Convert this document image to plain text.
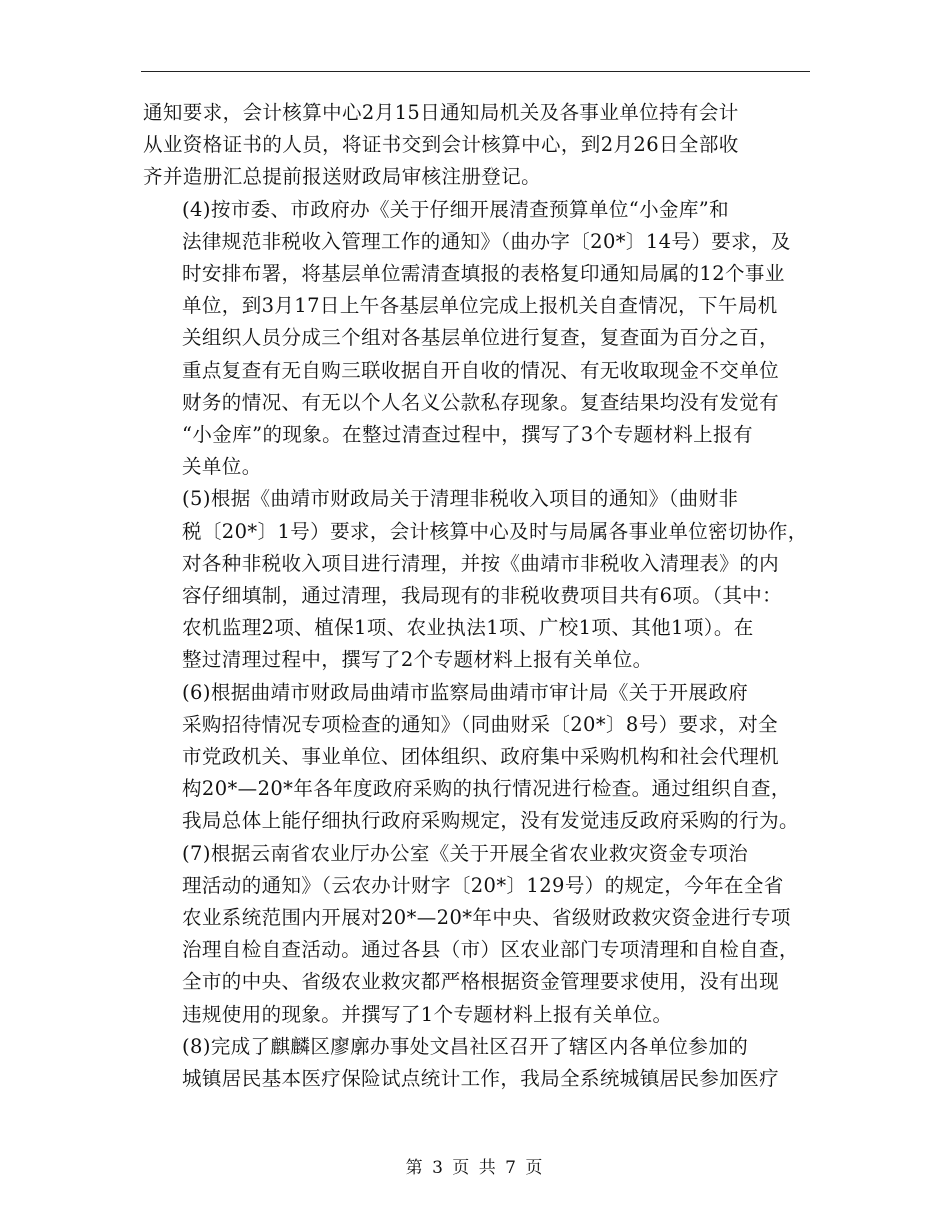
通知要求，会计核算中心2月15日通知局机关及各事业单位持有会计
从业资格证书的人员，将证书交到会计核算中心，到2月26日全部收
齐并造册汇总提前报送财政局审核注册登记。

(4)按市委、市政府办《关于仔细开展清查预算单位“小金库”和
法律规范非税收入管理工作的通知》（曲办字〔20*〕14号）要求，及
时安排布署，将基层单位需清查填报的表格复印通知局属的12个事业
单位，到3月17日上午各基层单位完成上报机关自查情况，下午局机
关组织人员分成三个组对各基层单位进行复查，复查面为百分之百，
重点复查有无自购三联收据自开自收的情况、有无收取现金不交单位
财务的情况、有无以个人名义公款私存现象。复查结果均没有发觉有
“小金库”的现象。在整过清查过程中，撰写了3个专题材料上报有
关单位。

(5)根据《曲靖市财政局关于清理非税收入项目的通知》（曲财非
税〔20*〕1号）要求，会计核算中心及时与局属各事业单位密切协作，
对各种非税收入项目进行清理，并按《曲靖市非税收入清理表》的内
容仔细填制，通过清理，我局现有的非税收费项目共有6项。（其中：
农机监理2项、植保1项、农业执法1项、广校1项、其他1项）。在
整过清理过程中，撰写了2个专题材料上报有关单位。

(6)根据曲靖市财政局曲靖市监察局曲靖市审计局《关于开展政府
采购招待情况专项检查的通知》（同曲财采〔20*〕8号）要求，对全
市党政机关、事业单位、团体组织、政府集中采购机构和社会代理机
构20*—20*年各年度政府采购的执行情况进行检查。通过组织自查，
我局总体上能仔细执行政府采购规定，没有发觉违反政府采购的行为。

(7)根据云南省农业厅办公室《关于开展全省农业救灾资金专项治
理活动的通知》（云农办计财字〔20*〕129号）的规定，今年在全省
农业系统范围内开展对20*—20*年中央、省级财政救灾资金进行专项
治理自检自查活动。通过各县（市）区农业部门专项清理和自检自查，
全市的中央、省级农业救灾都严格根据资金管理要求使用，没有出现
违规使用的现象。并撰写了1个专题材料上报有关单位。

(8)完成了麒麟区廖廓办事处文昌社区召开了辖区内各单位参加的
城镇居民基本医疗保险试点统计工作，我局全系统城镇居民参加医疗

第 3 页 共 7 页
